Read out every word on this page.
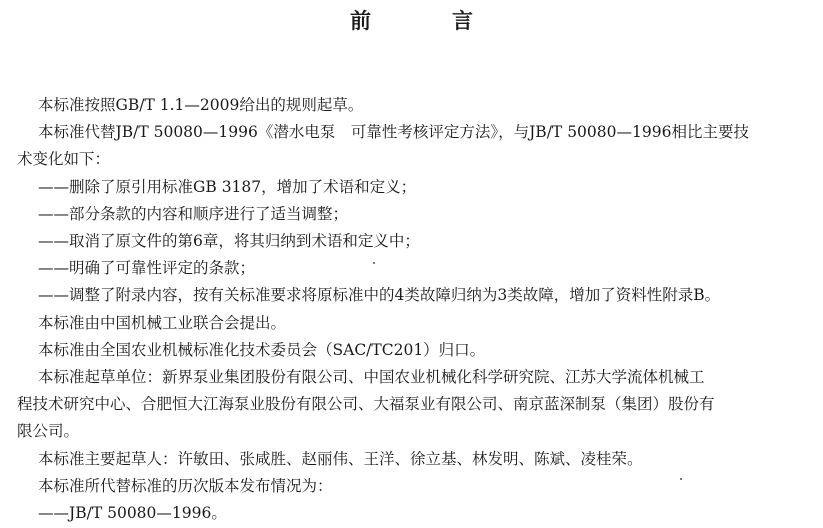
前　言

本标准按照GB/T 1.1—2009给出的规则起草。

本标准代替JB/T 50080—1996《潜水电泵　可靠性考核评定方法》，与JB/T 50080—1996相比主要技

术变化如下：

——删除了原引用标准GB 3187，增加了术语和定义；

——部分条款的内容和顺序进行了适当调整；

——取消了原文件的第6章，将其归纳到术语和定义中；

——明确了可靠性评定的条款；

——调整了附录内容，按有关标准要求将原标准中的4类故障归纳为3类故障，增加了资料性附录B。

本标准由中国机械工业联合会提出。

本标准由全国农业机械标准化技术委员会（SAC/TC201）归口。

本标准起草单位：新界泵业集团股份有限公司、中国农业机械化科学研究院、江苏大学流体机械工

程技术研究中心、合肥恒大江海泵业股份有限公司、大福泵业有限公司、南京蓝深制泵（集团）股份有

限公司。

本标准主要起草人：许敏田、张咸胜、赵丽伟、王洋、徐立基、林发明、陈斌、凌桂荣。

本标准所代替标准的历次版本发布情况为：

——JB/T 50080—1996。
